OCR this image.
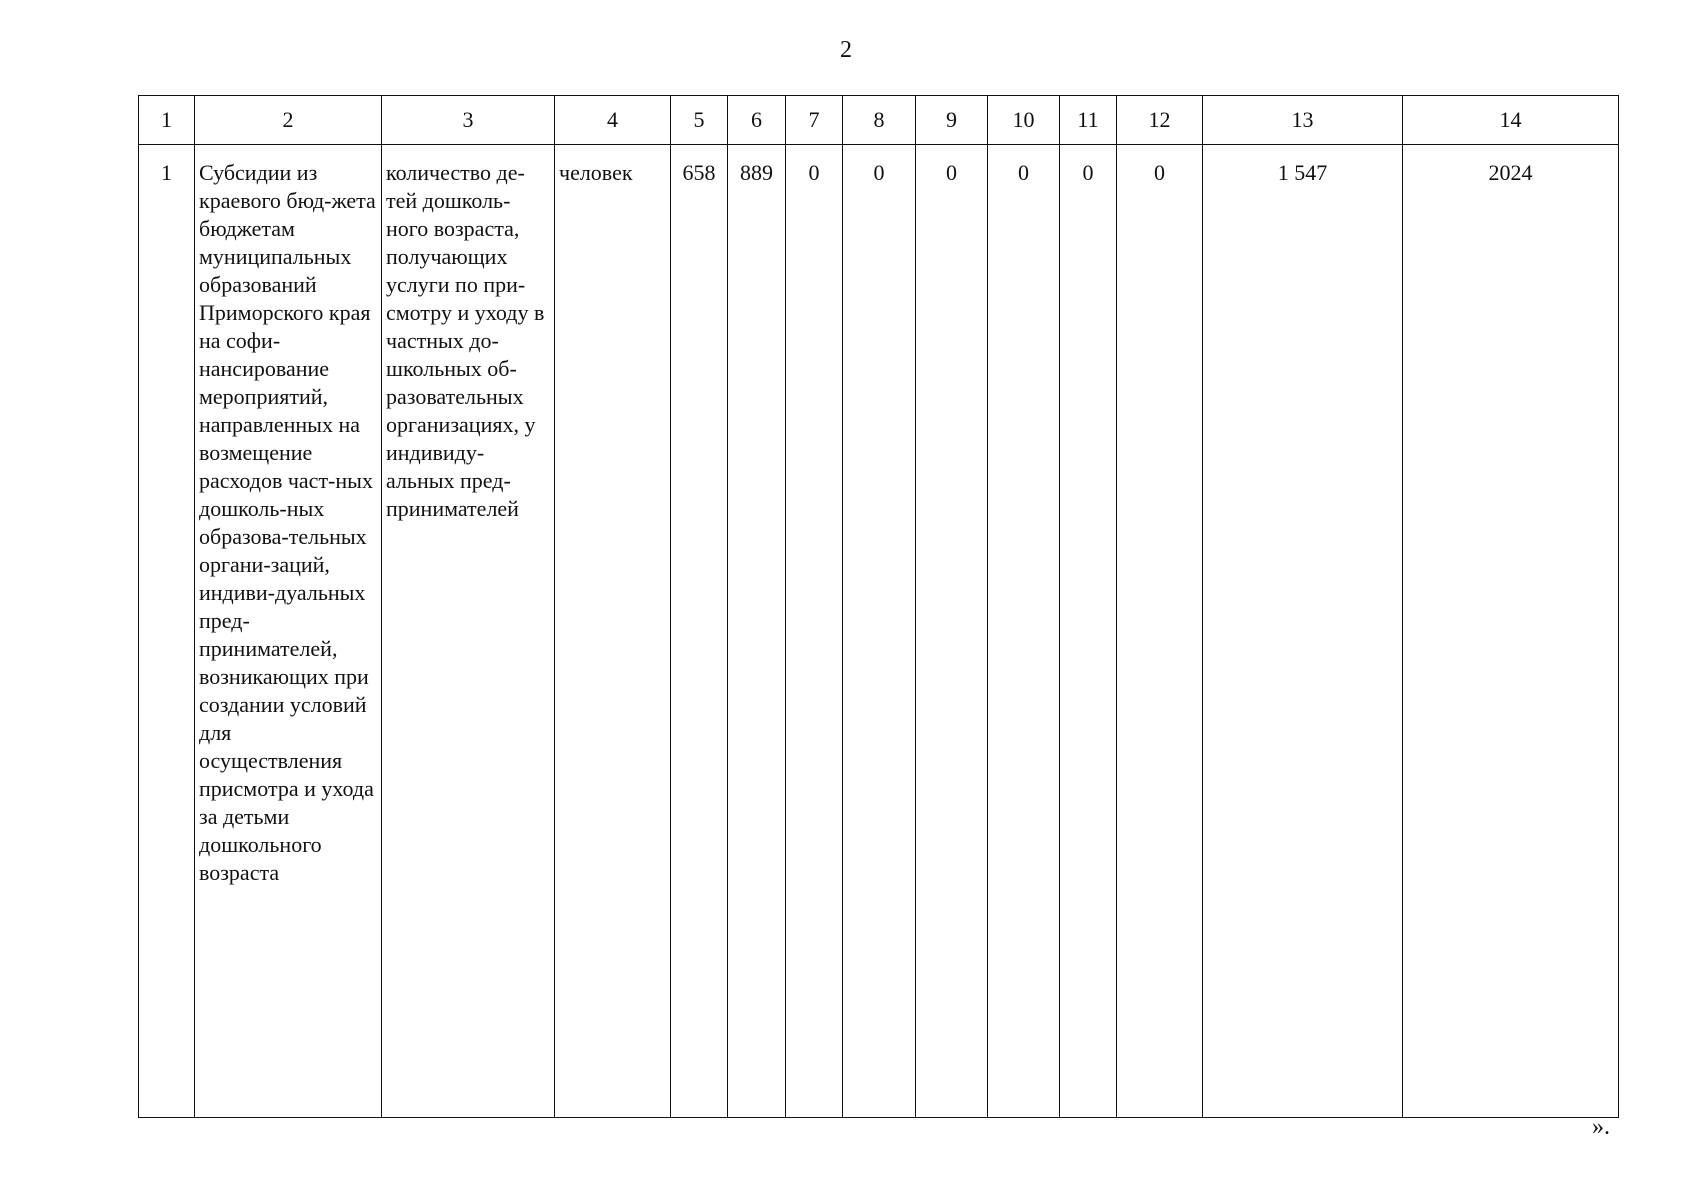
2
1	2	3	4	5	6	7	8	9	10	11	12	13	14
1	Субсидии из краевого бюд-жета бюджетам муниципальных образований Приморского края на софи-нансирование мероприятий, направленных на возмещение расходов част-ных дошколь-ных образова-тельных органи-заций, индиви-дуальных пред-принимателей, возникающих при создании условий для осуществления присмотра и ухода за детьми дошкольного возраста	количество де-тей дошколь-ного возраста, получающих услуги по при-смотру и уходу в частных до-школьных об-разовательных организациях, у индивиду-альных пред-принимателей	человек	658	889	0	0	0	0	0	0	1 547	2024
».
